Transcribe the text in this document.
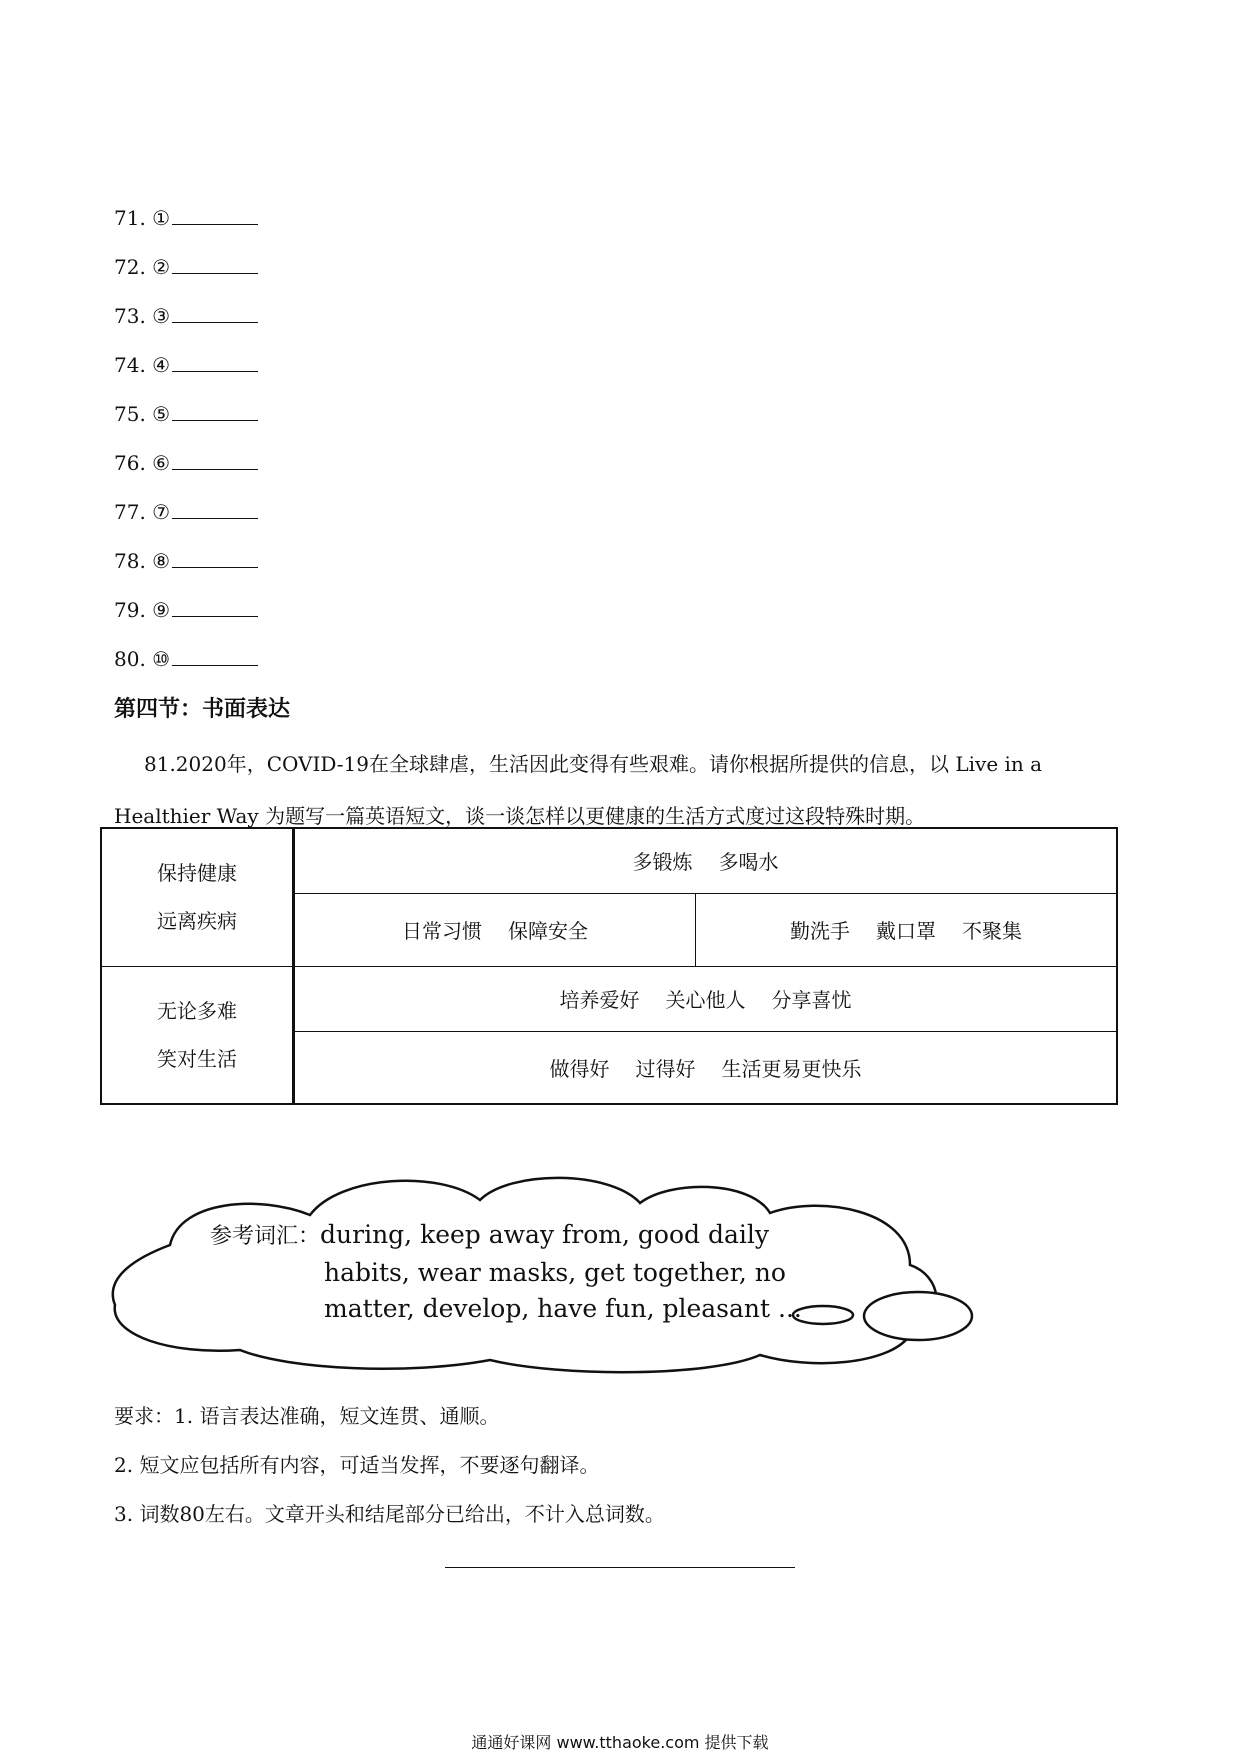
71. ①
72. ②
73. ③
74. ④
75. ⑤
76. ⑥
77. ⑦
78. ⑧
79. ⑨
80. ⑩
第四节：书面表达

81.2020年，COVID-19在全球肆虐，生活因此变得有些艰难。请你根据所提供的信息，以 Live in a

Healthier Way 为题写一篇英语短文，谈一谈怎样以更健康的生活方式度过这段特殊时期。

保持健康
远离疾病	多锻炼 多喝水	
	日常习惯 保障安全	勤洗手 戴口罩 不聚集

无论多难
笑对生活	培养爱好 关心他人 分享喜忧	
	做得好 过得好 生活更易更快乐	
参考词汇：during, keep away from, good daily
habits, wear masks, get together, no
matter, develop, have fun, pleasant ...

要求：1. 语言表达准确，短文连贯、通顺。

2. 短文应包括所有内容，可适当发挥，不要逐句翻译。

3. 词数80左右。文章开头和结尾部分已给出，不计入总词数。

通通好课网 www.tthaoke.com 提供下载
